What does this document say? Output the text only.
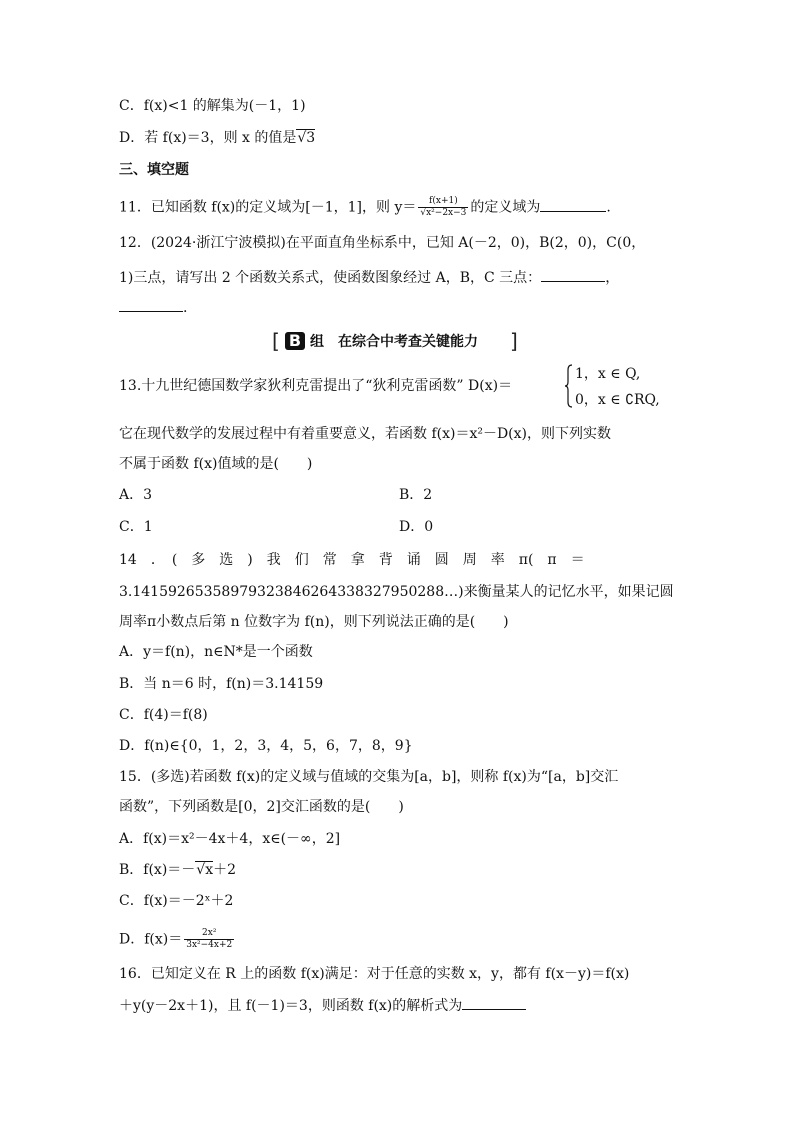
C．f(x)<1 的解集为(－1，1)
D．若 f(x)＝3，则 x 的值是√3
三、填空题
11．已知函数 f(x)的定义域为[－1，1]，则 $y= \frac{f(x+1)}{\text{√x²−2x−3}}$ 的定义域为	.
12．(2024·浙江宁波模拟)在平面直角坐标系中，已知 A(－2，0)，B(2，0)，C(0，
1)三点，请写出 2 个函数关系式，使函数图象经过 A，B，C 三点：	，
.
[ B 组　在综合中考查关键能力 ]
13.十九世纪德国数学家狄利克雷提出了“狄利克雷函数” D(x)＝
1，x ∈ Q,
0，x ∈ ∁RQ,
它在现代数学的发展过程中有着重要意义，若函数 f(x)＝x²－D(x)，则下列实数
不属于函数 f(x)值域的是(　　)
A．3	B．2
C．1	D．0
14　．　(　多　选　)　我　们　常　拿　背　诵　圆　周　率　π(　π　＝
3.14159265358979323846264338327950288…)来衡量某人的记忆水平，如果记圆
周率π小数点后第 n 位数字为 f(n)，则下列说法正确的是(　　)
A．y＝f(n)，n∈N*是一个函数
B．当 n＝6 时，f(n)＝3.14159
C．f(4)＝f(8)
D．f(n)∈{0，1，2，3，4，5，6，7，8，9}
15．(多选)若函数 f(x)的定义域与值域的交集为[a，b]，则称 f(x)为“[a，b]交汇
函数”，下列函数是[0，2]交汇函数的是(　　)
A．f(x)＝x²－4x＋4，x∈(－∞，2]
B．f(x)＝－√x＋2
C．f(x)＝－2ˣ＋2
D．$f(x)= \frac{\text{2x²}}{\text{3x²−4x+2}}$
16．已知定义在 R 上的函数 f(x)满足：对于任意的实数 x，y，都有 f(x－y)＝f(x)
＋y(y－2x＋1)，且 f(－1)＝3，则函数 f(x)的解析式为
